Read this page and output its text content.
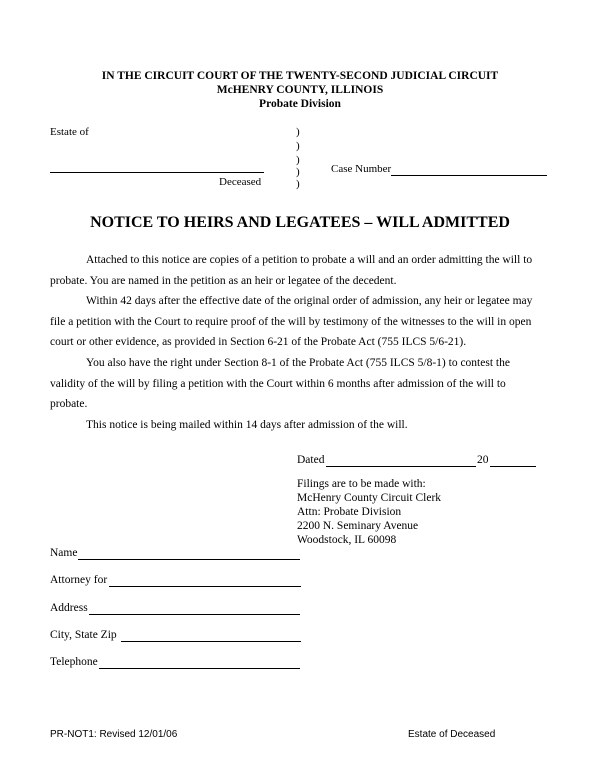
IN THE CIRCUIT COURT OF THE TWENTY-SECOND JUDICIAL CIRCUIT
McHENRY COUNTY, ILLINOIS
Probate Division
Estate of
Deceased
)
)
)
)
)
Case Number
NOTICE TO HEIRS AND LEGATEES – WILL ADMITTED
Attached to this notice are copies of a petition to probate a will and an order admitting the will to probate. You are named in the petition as an heir or legatee of the decedent.
Within 42 days after the effective date of the original order of admission, any heir or legatee may file a petition with the Court to require proof of the will by testimony of the witnesses to the will in open court or other evidence, as provided in Section 6-21 of the Probate Act (755 ILCS 5/6-21).
You also have the right under Section 8-1 of the Probate Act (755 ILCS 5/8-1) to contest the validity of the will by filing a petition with the Court within 6 months after admission of the will to probate.
This notice is being mailed within 14 days after admission of the will.
Dated	20
Filings are to be made with:
McHenry County Circuit Clerk
Attn: Probate Division
2200 N. Seminary Avenue
Woodstock, IL 60098
Name
Attorney for
Address
City, State Zip
Telephone
PR-NOT1: Revised 12/01/06	Estate of Deceased
